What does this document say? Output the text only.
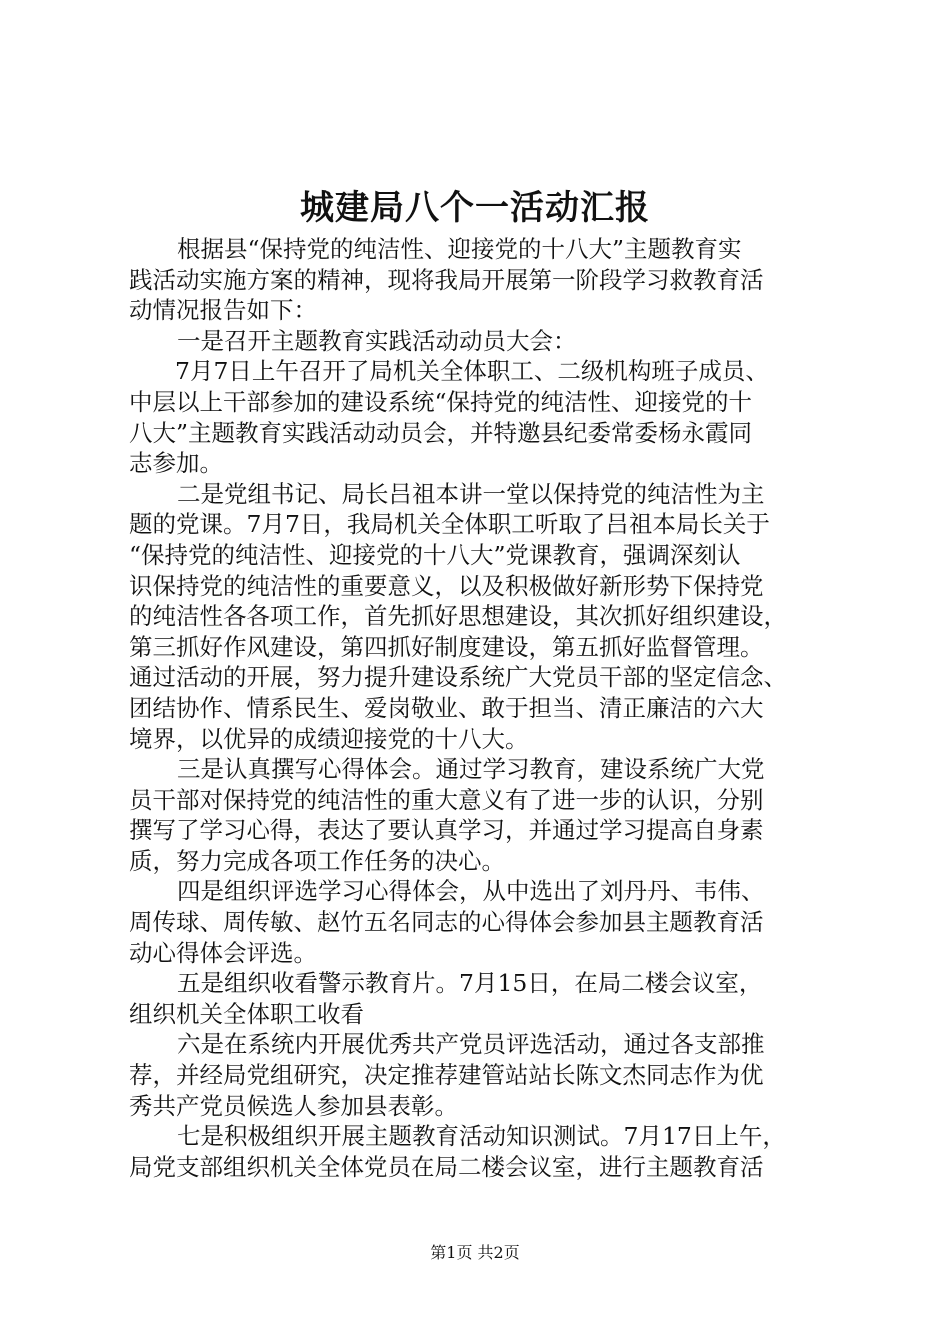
城建局八个一活动汇报
根据县“保持党的纯洁性、迎接党的十八大”主题教育实
践活动实施方案的精神，现将我局开展第一阶段学习救教育活
动情况报告如下：
一是召开主题教育实践活动动员大会：
7月7日上午召开了局机关全体职工、二级机构班子成员、
中层以上干部参加的建设系统“保持党的纯洁性、迎接党的十
八大”主题教育实践活动动员会，并特邀县纪委常委杨永霞同
志参加。
二是党组书记、局长吕祖本讲一堂以保持党的纯洁性为主
题的党课。7月7日，我局机关全体职工听取了吕祖本局长关于
“保持党的纯洁性、迎接党的十八大”党课教育，强调深刻认
识保持党的纯洁性的重要意义，以及积极做好新形势下保持党
的纯洁性各各项工作，首先抓好思想建设，其次抓好组织建设，
第三抓好作风建设，第四抓好制度建设，第五抓好监督管理。
通过活动的开展，努力提升建设系统广大党员干部的坚定信念、
团结协作、情系民生、爱岗敬业、敢于担当、清正廉洁的六大
境界，以优异的成绩迎接党的十八大。
三是认真撰写心得体会。通过学习教育，建设系统广大党
员干部对保持党的纯洁性的重大意义有了进一步的认识，分别
撰写了学习心得，表达了要认真学习，并通过学习提高自身素
质，努力完成各项工作任务的决心。
四是组织评选学习心得体会，从中选出了刘丹丹、韦伟、
周传球、周传敏、赵竹五名同志的心得体会参加县主题教育活
动心得体会评选。
五是组织收看警示教育片。7月15日，在局二楼会议室，
组织机关全体职工收看
六是在系统内开展优秀共产党员评选活动，通过各支部推
荐，并经局党组研究，决定推荐建管站站长陈文杰同志作为优
秀共产党员候选人参加县表彰。
七是积极组织开展主题教育活动知识测试。7月17日上午，
局党支部组织机关全体党员在局二楼会议室，进行主题教育活
第1页 共2页
